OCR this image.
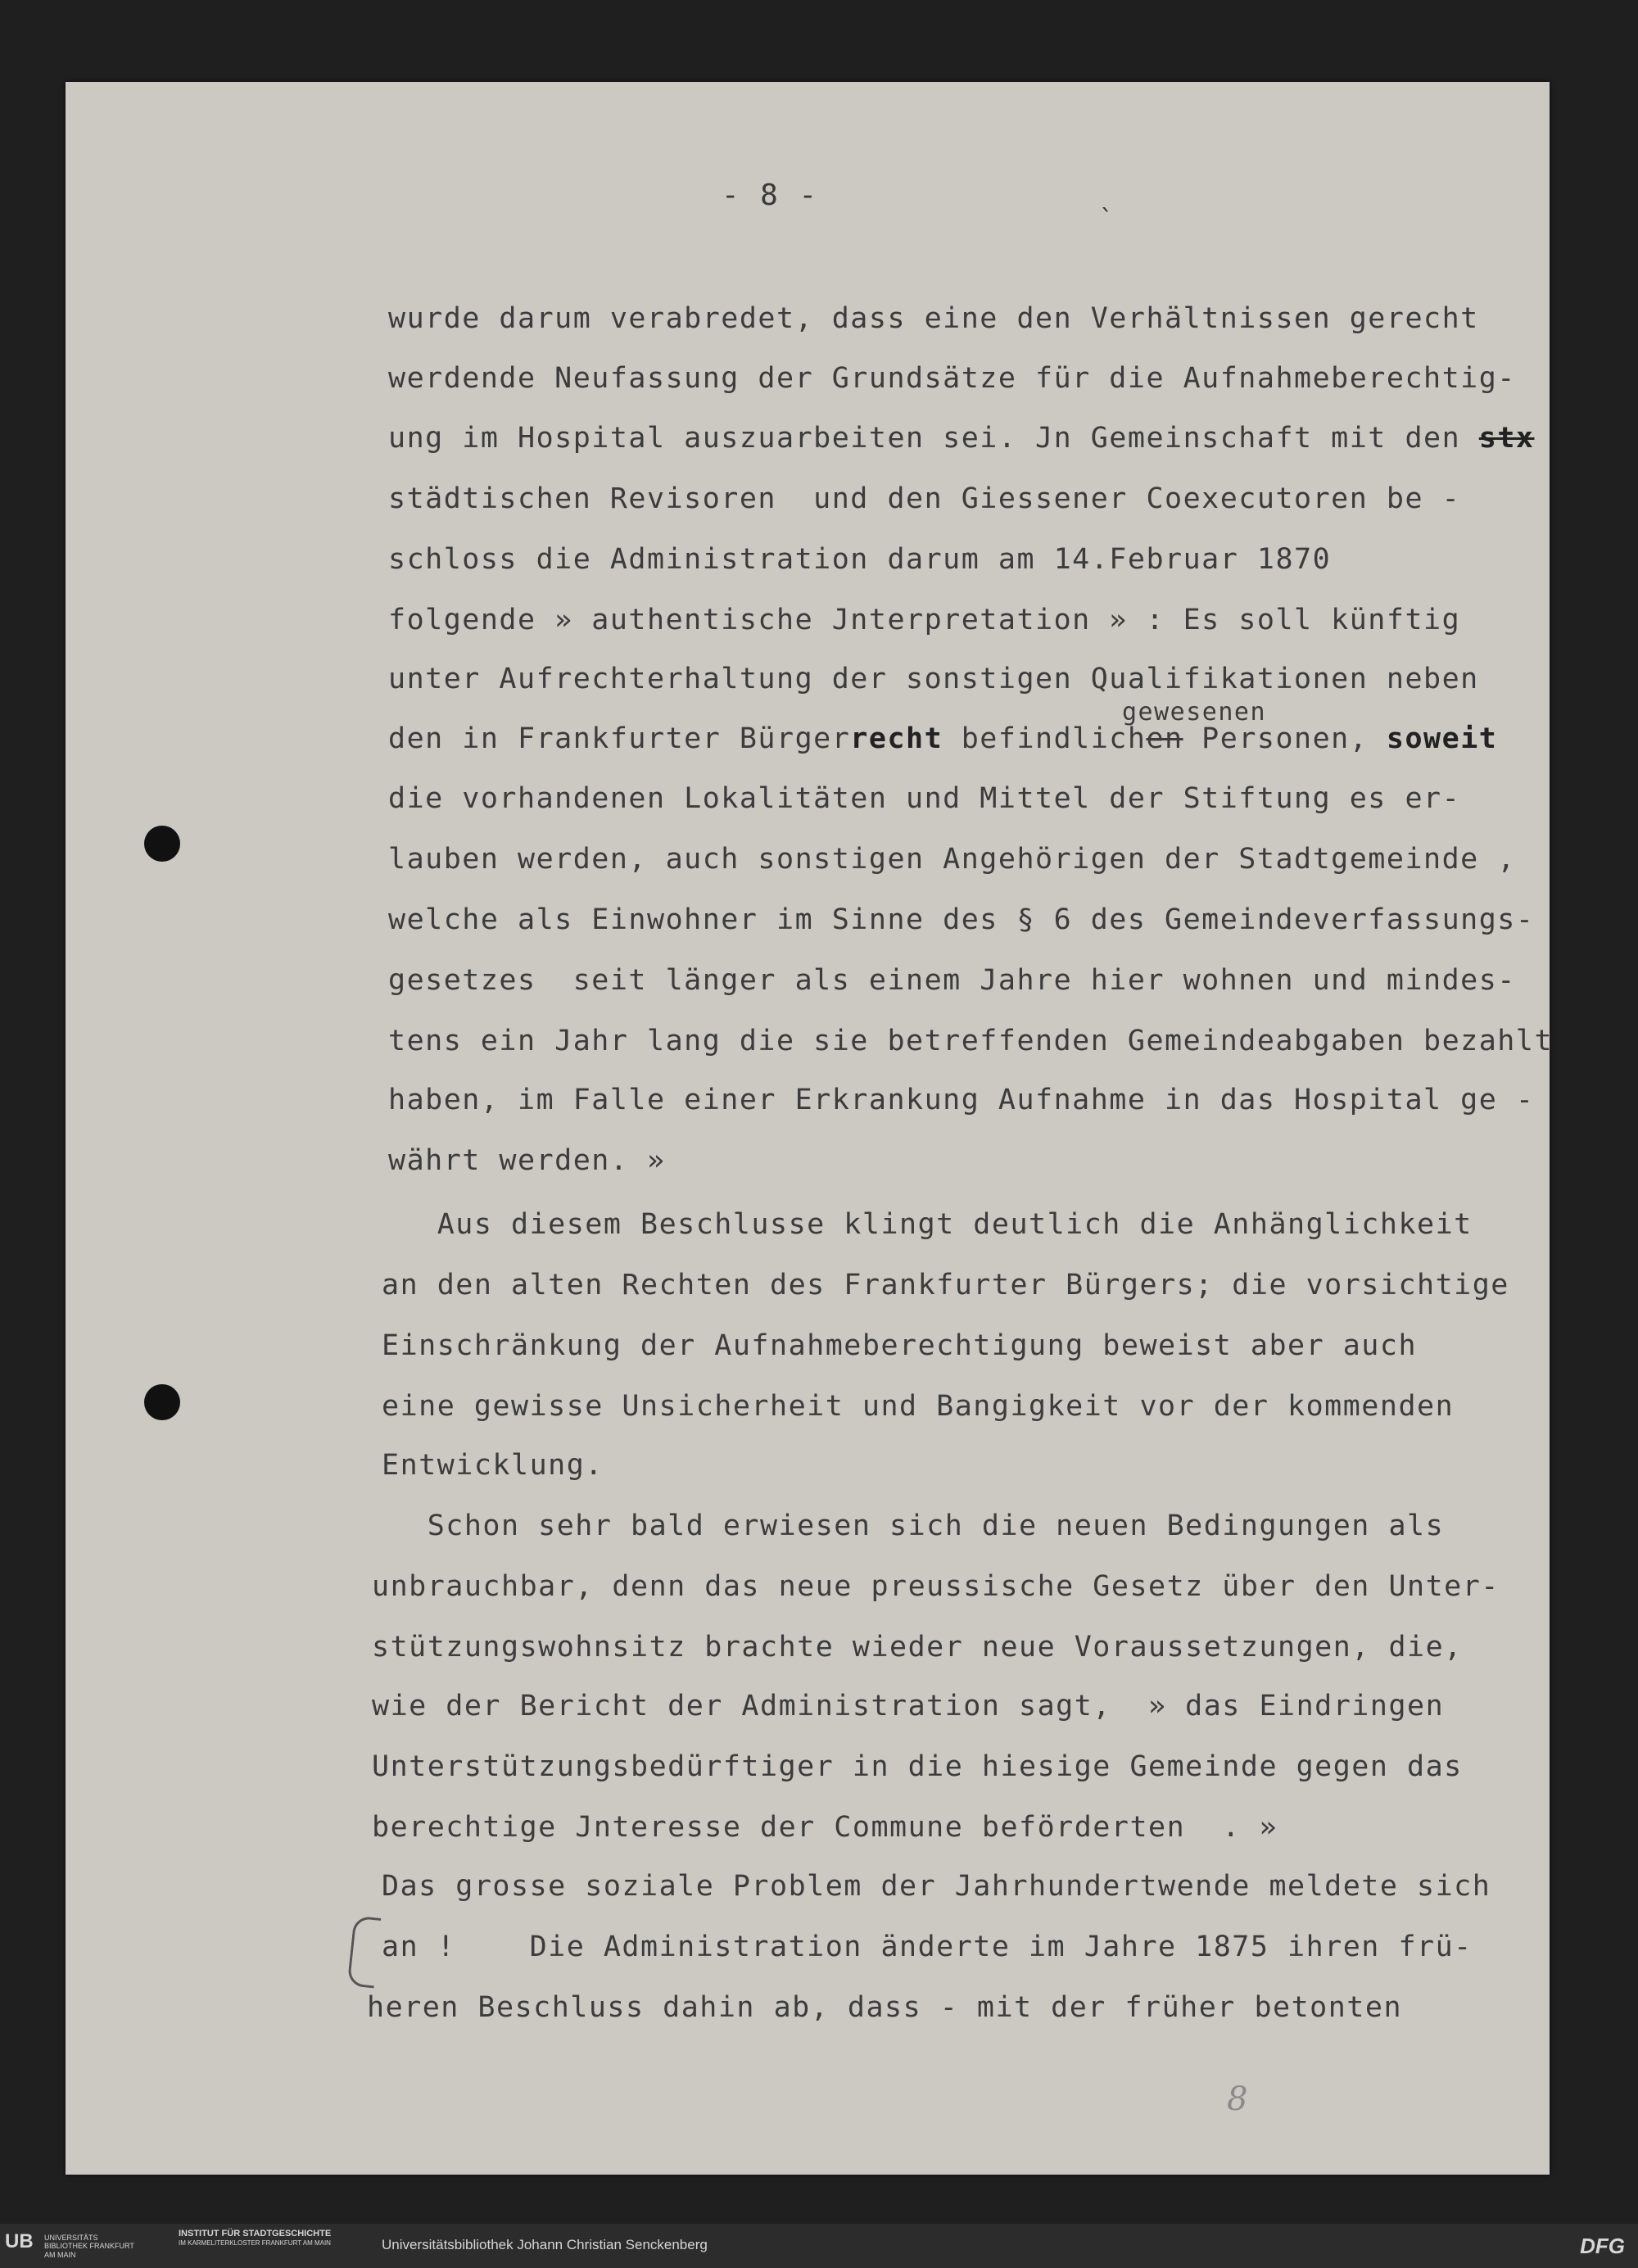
- 8 -
`
wurde darum verabredet, dass eine den Verhältnissen gerecht
werdende Neufassung der Grundsätze für die Aufnahmeberechtig-
ung im Hospital auszuarbeiten sei. Jn Gemeinschaft mit den stx
städtischen Revisoren  und den Giessener Coexecutoren be -
schloss die Administration darum am 14.Februar 1870
folgende » authentische Jnterpretation » : Es soll künftig
unter Aufrechterhaltung der sonstigen Qualifikationen neben
gewesenen
den in Frankfurter Bürgerrecht befindlichen Personen, soweit
die vorhandenen Lokalitäten und Mittel der Stiftung es er-
lauben werden, auch sonstigen Angehörigen der Stadtgemeinde ,
welche als Einwohner im Sinne des § 6 des Gemeindeverfassungs-
gesetzes  seit länger als einem Jahre hier wohnen und mindes-
tens ein Jahr lang die sie betreffenden Gemeindeabgaben bezahlt
haben, im Falle einer Erkrankung Aufnahme in das Hospital ge -
währt werden. »
Aus diesem Beschlusse klingt deutlich die Anhänglichkeit
an den alten Rechten des Frankfurter Bürgers; die vorsichtige
Einschränkung der Aufnahmeberechtigung beweist aber auch
eine gewisse Unsicherheit und Bangigkeit vor der kommenden
Entwicklung.
Schon sehr bald erwiesen sich die neuen Bedingungen als
unbrauchbar, denn das neue preussische Gesetz über den Unter-
stützungswohnsitz brachte wieder neue Voraussetzungen, die,
wie der Bericht der Administration sagt,  » das Eindringen
Unterstützungsbedürftiger in die hiesige Gemeinde gegen das
berechtige Jnteresse der Commune beförderten  . »
Das grosse soziale Problem der Jahrhundertwende meldete sich
an !    Die Administration änderte im Jahre 1875 ihren frü-
heren Beschluss dahin ab, dass - mit der früher betonten
8
UB UNIVERSITÄTS BIBLIOTHEK FRANKFURT AM MAIN
INSTITUT FÜR STADTGESCHICHTE
IM KARMELITERKLOSTER FRANKFURT AM MAIN	Universitätsbibliothek Johann Christian Senckenberg	DFG
